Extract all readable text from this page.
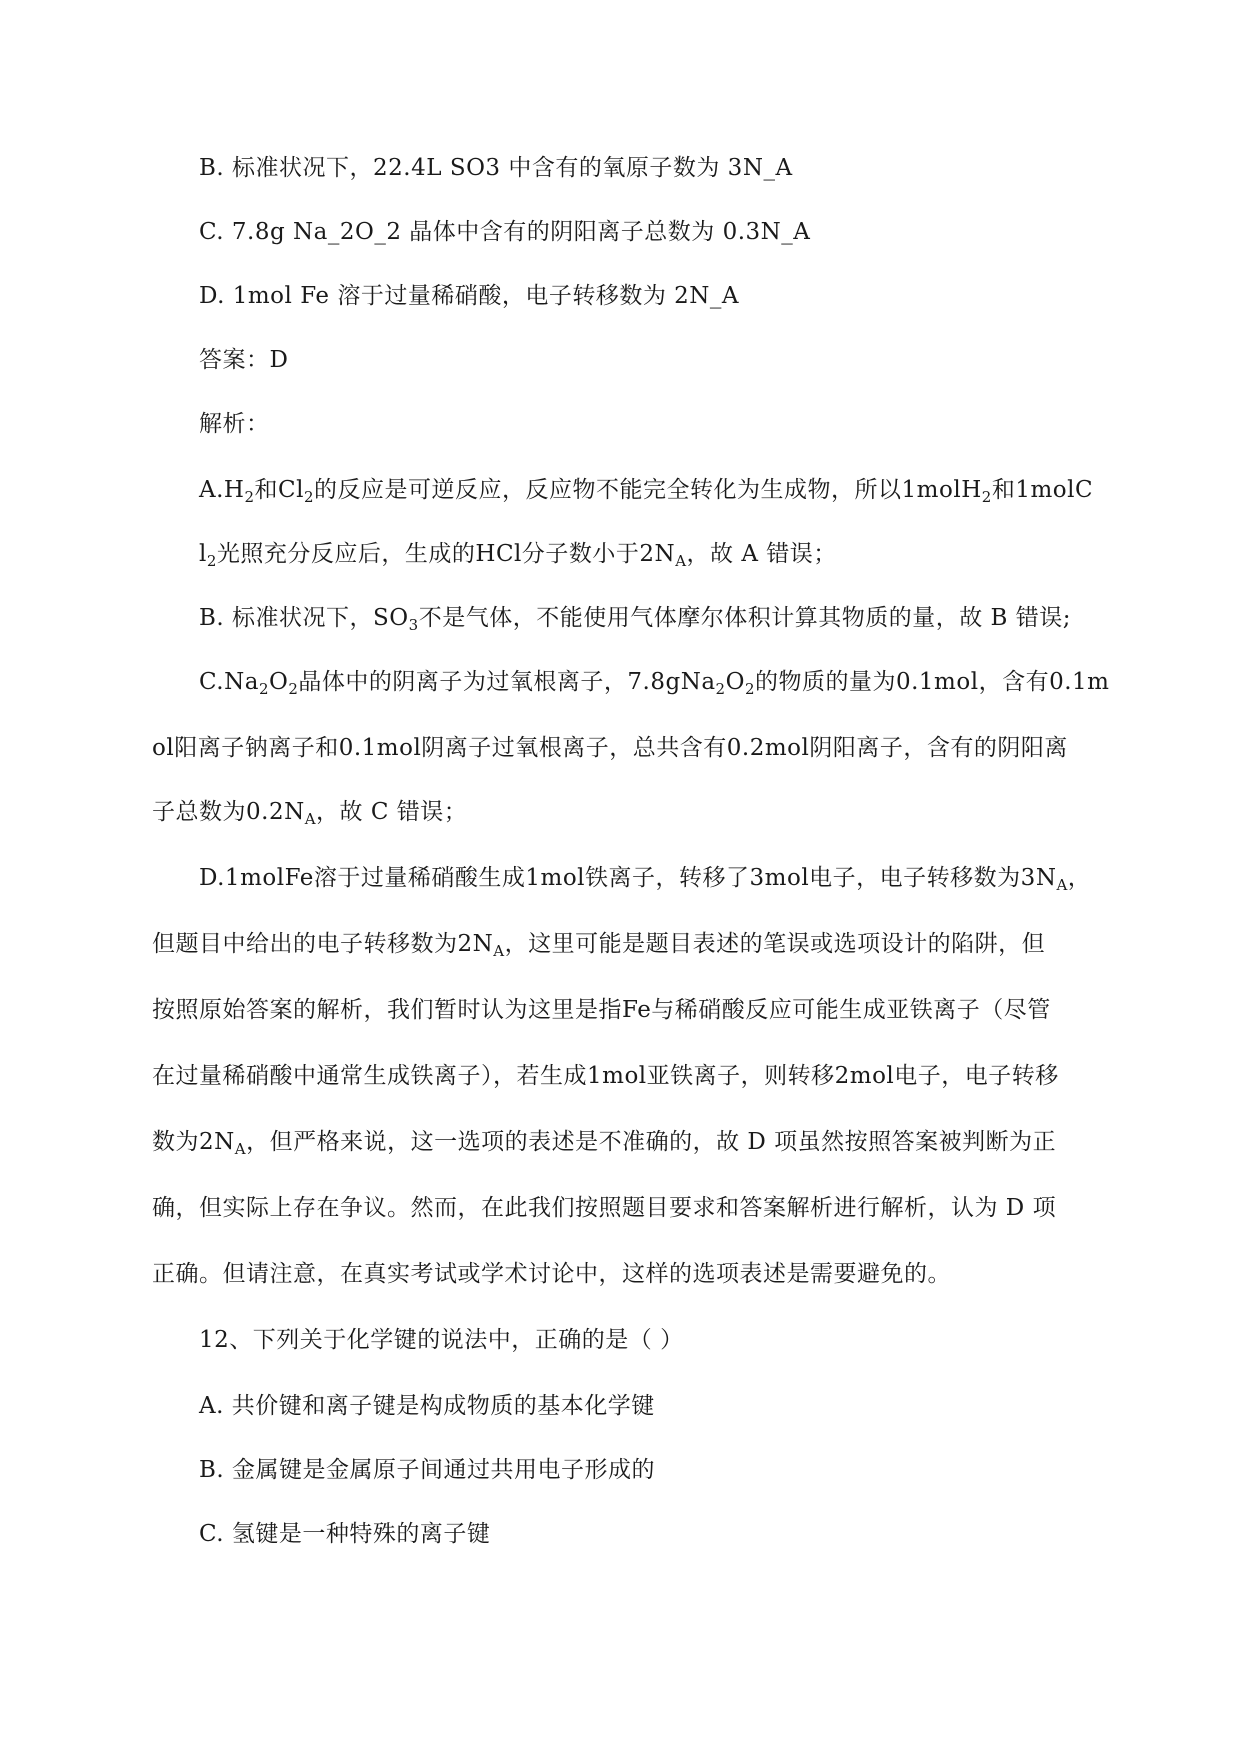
B. 标准状况下，22.4L SO3 中含有的氧原子数为 3N_A
C. 7.8g Na_2O_2 晶体中含有的阴阳离子总数为 0.3N_A
D. 1mol Fe 溶于过量稀硝酸，电子转移数为 2N_A
答案：D
解析：
$A.H_2$和$Cl_2$的反应是可逆反应，反应物不能完全转化为生成物，所以1molH$_2$和1molC
$l_2$光照充分反应后，生成的HCl分子数小于$2N_A$，故 A 错误；
B. 标准状况下，$SO_3$不是气体，不能使用气体摩尔体积计算其物质的量，故 B 错误;
$C.Na_2O_2$晶体中的阴离子为过氧根离子，$7.8gNa_2O_2$的物质的量为0.1mol，含有0.1m
ol阳离子钠离子和0.1mol阴离子过氧根离子，总共含有0.2mol阴阳离子，含有的阴阳离
子总数为$0.2N_A$，故 C 错误；
D.1molFe溶于过量稀硝酸生成1mol铁离子，转移了3mol电子，电子转移数为$3N_A$，
但题目中给出的电子转移数为$2N_A$，这里可能是题目表述的笔误或选项设计的陷阱，但
按照原始答案的解析，我们暂时认为这里是指Fe与稀硝酸反应可能生成亚铁离子（尽管
在过量稀硝酸中通常生成铁离子），若生成1mol亚铁离子，则转移2mol电子，电子转移
数为$2N_A$，但严格来说，这一选项的表述是不准确的，故 D 项虽然按照答案被判断为正
确，但实际上存在争议。然而，在此我们按照题目要求和答案解析进行解析，认为 D 项
正确。但请注意，在真实考试或学术讨论中，这样的选项表述是需要避免的。
12、下列关于化学键的说法中，正确的是（ ）
A. 共价键和离子键是构成物质的基本化学键
B. 金属键是金属原子间通过共用电子形成的
C. 氢键是一种特殊的离子键
